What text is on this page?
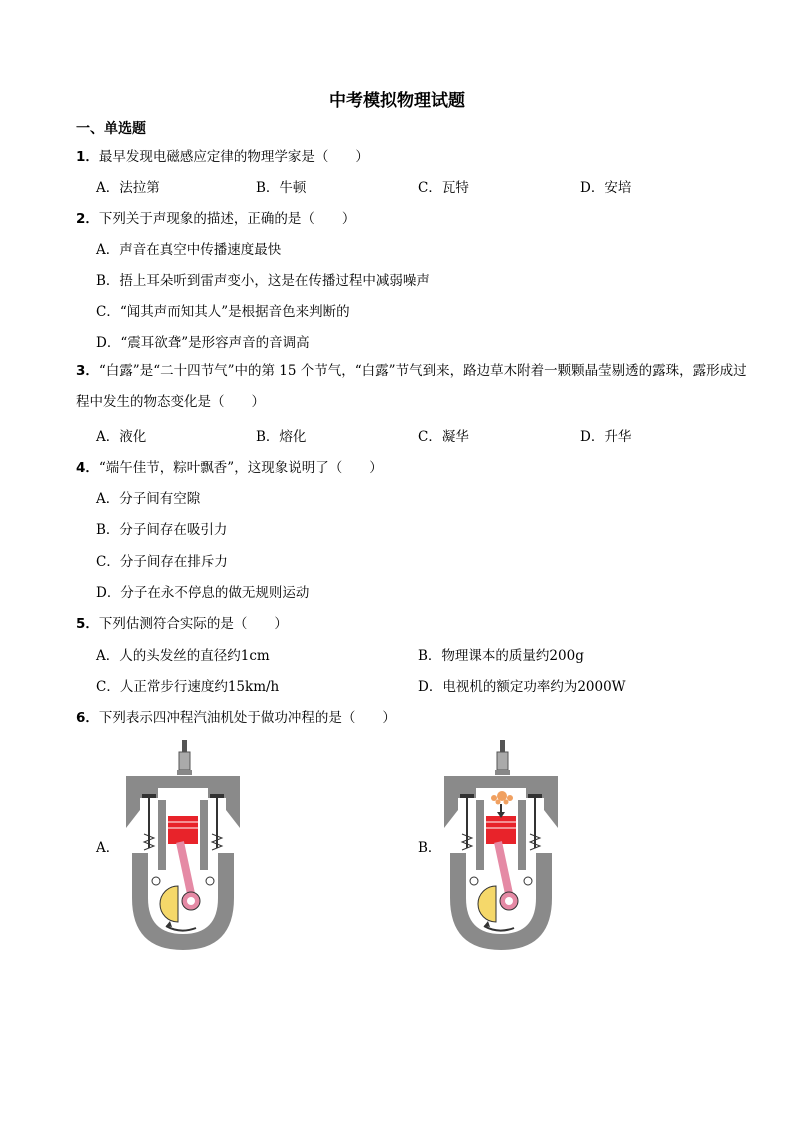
中考模拟物理试题
一、单选题
1．最早发现电磁感应定律的物理学家是（　　）
A．法拉第	B．牛顿	C．瓦特	D．安培
2．下列关于声现象的描述，正确的是（　　）
A．声音在真空中传播速度最快
B．捂上耳朵听到雷声变小，这是在传播过程中减弱噪声
C．“闻其声而知其人”是根据音色来判断的
D．“震耳欲聋”是形容声音的音调高
3．“白露”是“二十四节气”中的第 15 个节气，“白露”节气到来，路边草木附着一颗颗晶莹剔透的露珠，露形成过程中发生的物态变化是（　　）
A．液化	B．熔化	C．凝华	D．升华
4．“端午佳节，粽叶飘香”，这现象说明了（　　）
A．分子间有空隙
B．分子间存在吸引力
C．分子间存在排斥力
D．分子在永不停息的做无规则运动
5．下列估测符合实际的是（　　）
A．人的头发丝的直径约1cm	B．物理课本的质量约200g
C．人正常步行速度约15km/h	D．电视机的额定功率约为2000W
6．下列表示四冲程汽油机处于做功冲程的是（　　）
A．	B．
